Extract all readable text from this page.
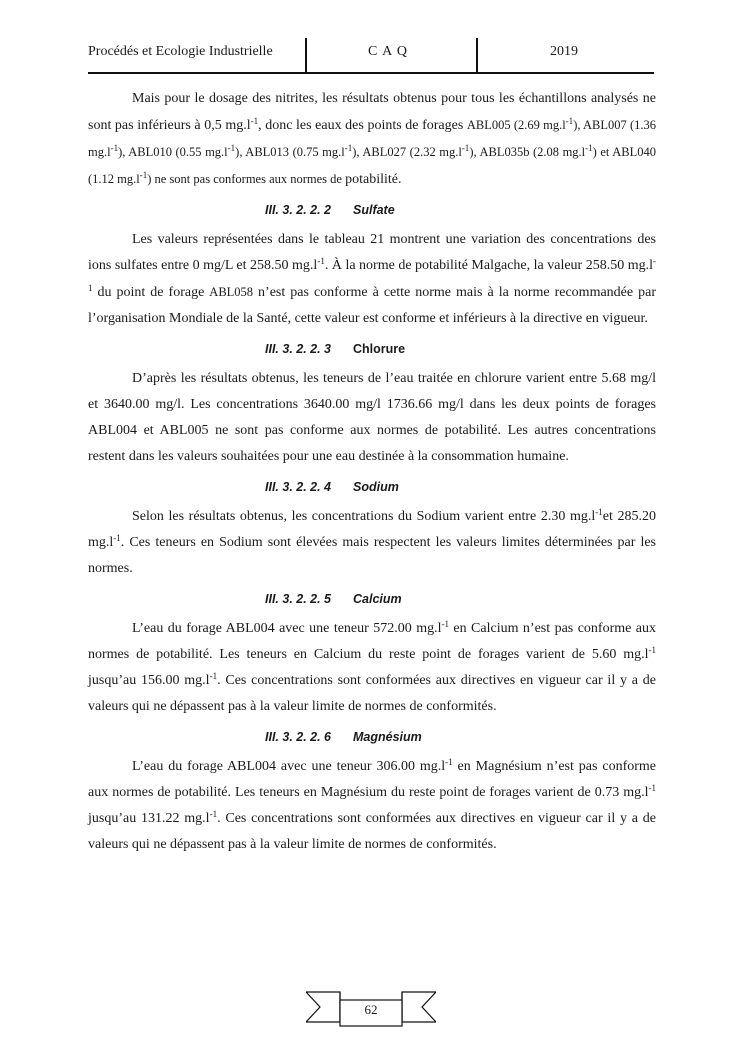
Procédés et Ecologie Industrielle	C A Q	2019

Mais pour le dosage des nitrites, les résultats obtenus pour tous les échantillons analysés ne sont pas inférieurs à 0,5 $mg.l^{-1}$, donc les eaux des points de forages ABL005 (2.69 $mg.l^{-1}$), ABL007 (1.36 $mg.l^{-1}$), ABL010 (0.55 $mg.l^{-1}$), ABL013 (0.75 $mg.l^{-1}$), ABL027 (2.32 $mg.l^{-1}$), ABL035b (2.08 $mg.l^{-1}$) et ABL040 (1.12 $mg.l^{-1}$) ne sont pas conformes aux normes de potabilité.

III. 3. 2. 2. 2 Sulfate

Les valeurs représentées dans le tableau 21 montrent une variation des concentrations des ions sulfates entre 0 mg/L et 258.50 $mg.l^{-1}$. À la norme de potabilité Malgache, la valeur 258.50 $mg.l^{-1}$ du point de forage ABL058 n’est pas conforme à cette norme mais à la norme recommandée par l’organisation Mondiale de la Santé, cette valeur est conforme et inférieurs à la directive en vigueur.

III. 3. 2. 2. 3 Chlorure

D’après les résultats obtenus, les teneurs de l’eau traitée en chlorure varient entre 5.68 mg/l et 3640.00 mg/l. Les concentrations 3640.00 mg/l 1736.66 mg/l dans les deux points de forages ABL004 et ABL005 ne sont pas conforme aux normes de potabilité. Les autres concentrations restent dans les valeurs souhaitées pour une eau destinée à la consommation humaine.

III. 3. 2. 2. 4 Sodium

Selon les résultats obtenus, les concentrations du Sodium varient entre 2.30 $mg.l^{-1}et$ 285.20 $mg.l^{-1}$. Ces teneurs en Sodium sont élevées mais respectent les valeurs limites déterminées par les normes.

III. 3. 2. 2. 5 Calcium

L’eau du forage ABL004 avec une teneur 572.00 $mg.l^{-1}$ en Calcium n’est pas conforme aux normes de potabilité. Les teneurs en Calcium du reste point de forages varient de 5.60 $mg.l^{-1}$ jusqu’au 156.00 $mg.l^{-1}$. Ces concentrations sont conformées aux directives en vigueur car il y a de valeurs qui ne dépassent pas à la valeur limite de normes de conformités.

III. 3. 2. 2. 6 Magnésium

L’eau du forage ABL004 avec une teneur 306.00 $mg.l^{-1}$ en Magnésium n’est pas conforme aux normes de potabilité. Les teneurs en Magnésium du reste point de forages varient de 0.73 $mg.l^{-1}$ jusqu’au 131.22 $mg.l^{-1}$. Ces concentrations sont conformées aux directives en vigueur car il y a de valeurs qui ne dépassent pas à la valeur limite de normes de conformités.

62
